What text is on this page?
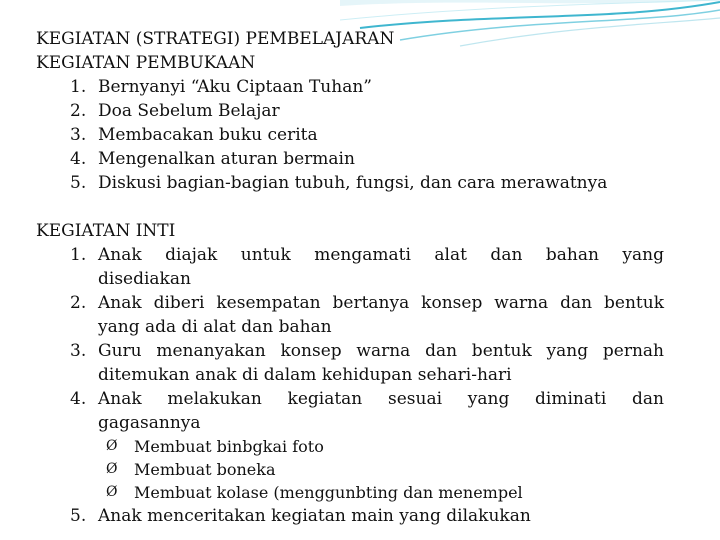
KEGIATAN (STRATEGI) PEMBELAJARAN
KEGIATAN PEMBUKAAN
1. Bernyanyi “Aku Ciptaan Tuhan”
2. Doa Sebelum Belajar
3. Membacakan buku cerita
4. Mengenalkan aturan bermain
5. Diskusi bagian-bagian tubuh, fungsi, dan cara merawatnya
KEGIATAN INTI
1. Anak diajak untuk mengamati alat dan bahan yang
disediakan
2. Anak diberi kesempatan bertanya konsep warna dan bentuk
yang ada di alat dan bahan
3. Guru menanyakan konsep warna dan bentuk yang pernah
ditemukan anak di dalam kehidupan sehari-hari
4. Anak melakukan kegiatan sesuai yang diminati dan
gagasannya
Ø Membuat binbgkai foto
Ø Membuat boneka
Ø Membuat kolase (menggunbting dan menempel
5. Anak menceritakan kegiatan main yang dilakukan
